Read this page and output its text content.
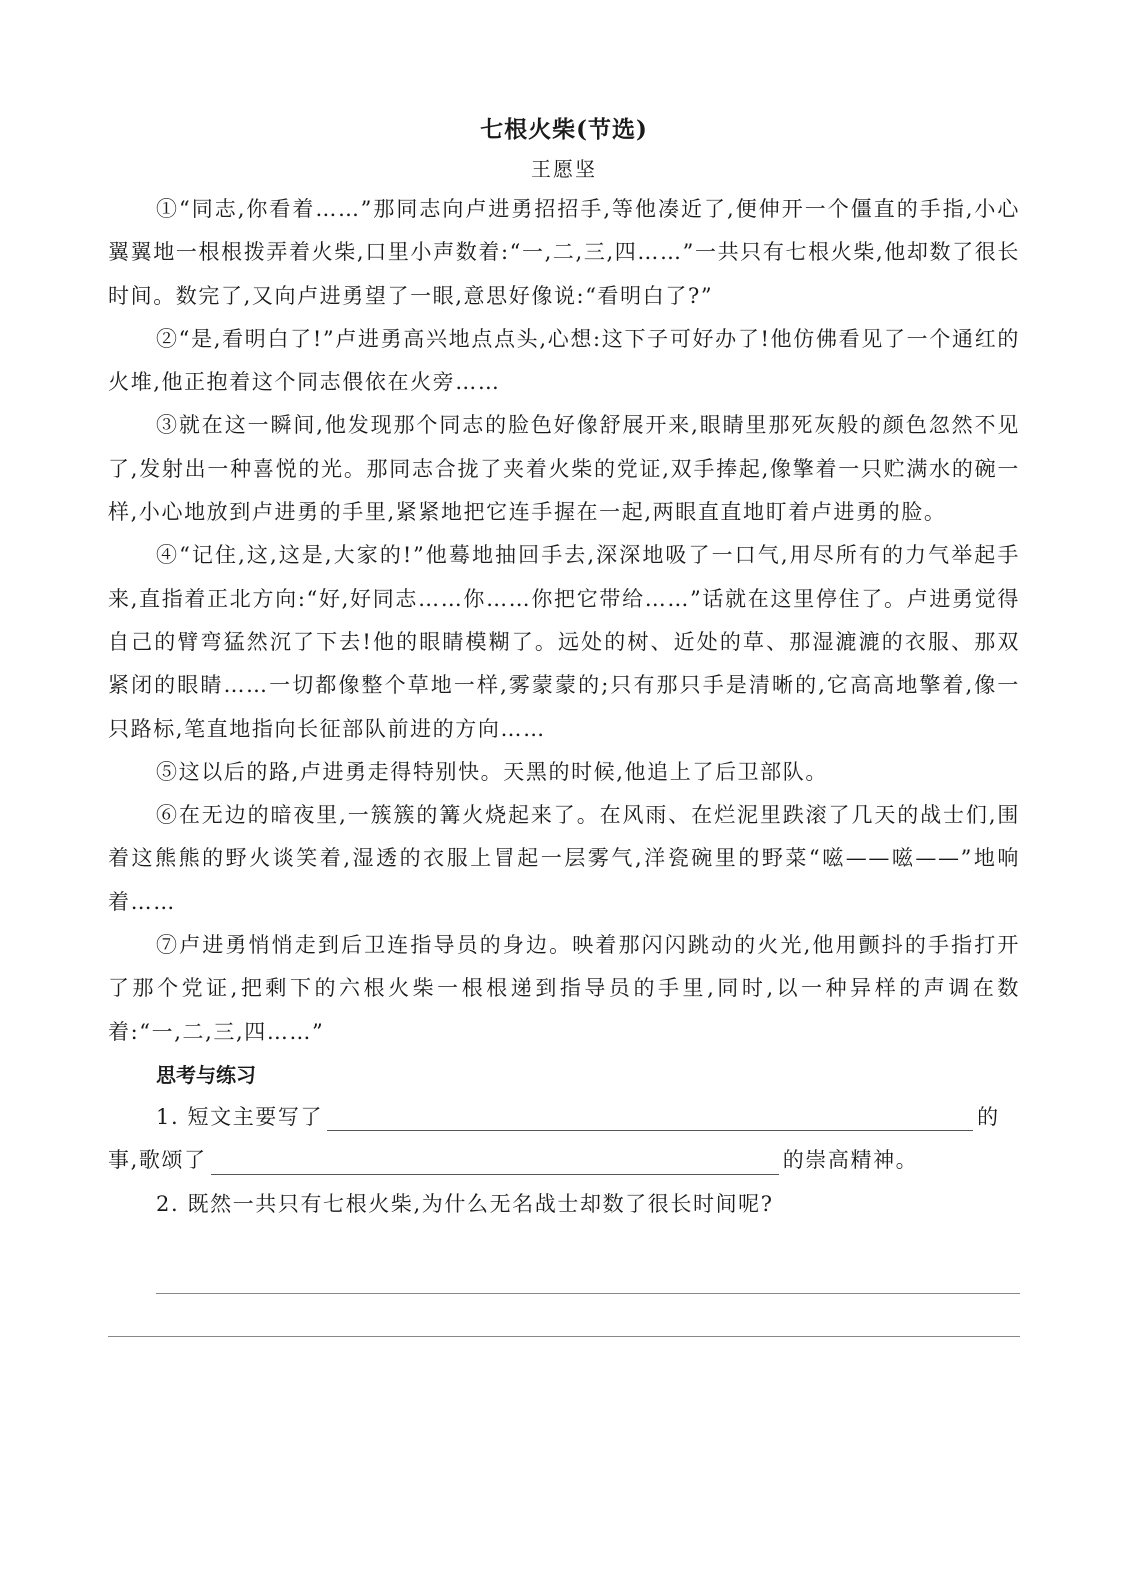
七根火柴(节选)
王愿坚

①“同志,你看着……”那同志向卢进勇招招手,等他凑近了,便伸开一个僵直的手指,小心翼翼地一根根拨弄着火柴,口里小声数着:“一,二,三,四……”一共只有七根火柴,他却数了很长时间。数完了,又向卢进勇望了一眼,意思好像说:“看明白了?”

②“是,看明白了!”卢进勇高兴地点点头,心想:这下子可好办了!他仿佛看见了一个通红的火堆,他正抱着这个同志偎依在火旁……

③就在这一瞬间,他发现那个同志的脸色好像舒展开来,眼睛里那死灰般的颜色忽然不见了,发射出一种喜悦的光。那同志合拢了夹着火柴的党证,双手捧起,像擎着一只贮满水的碗一样,小心地放到卢进勇的手里,紧紧地把它连手握在一起,两眼直直地盯着卢进勇的脸。

④“记住,这,这是,大家的!”他蓦地抽回手去,深深地吸了一口气,用尽所有的力气举起手来,直指着正北方向:“好,好同志……你……你把它带给……”话就在这里停住了。卢进勇觉得自己的臂弯猛然沉了下去!他的眼睛模糊了。远处的树、近处的草、那湿漉漉的衣服、那双紧闭的眼睛……一切都像整个草地一样,雾蒙蒙的;只有那只手是清晰的,它高高地擎着,像一只路标,笔直地指向长征部队前进的方向……

⑤这以后的路,卢进勇走得特别快。天黑的时候,他追上了后卫部队。

⑥在无边的暗夜里,一簇簇的篝火烧起来了。在风雨、在烂泥里跌滚了几天的战士们,围着这熊熊的野火谈笑着,湿透的衣服上冒起一层雾气,洋瓷碗里的野菜“嗞——嗞——”地响着……

⑦卢进勇悄悄走到后卫连指导员的身边。映着那闪闪跳动的火光,他用颤抖的手指打开了那个党证,把剩下的六根火柴一根根递到指导员的手里,同时,以一种异样的声调在数着:“一,二,三,四……”

思考与练习
1. 短文主要写了	的
事,歌颂了	的崇高精神。
2. 既然一共只有七根火柴,为什么无名战士却数了很长时间呢?
